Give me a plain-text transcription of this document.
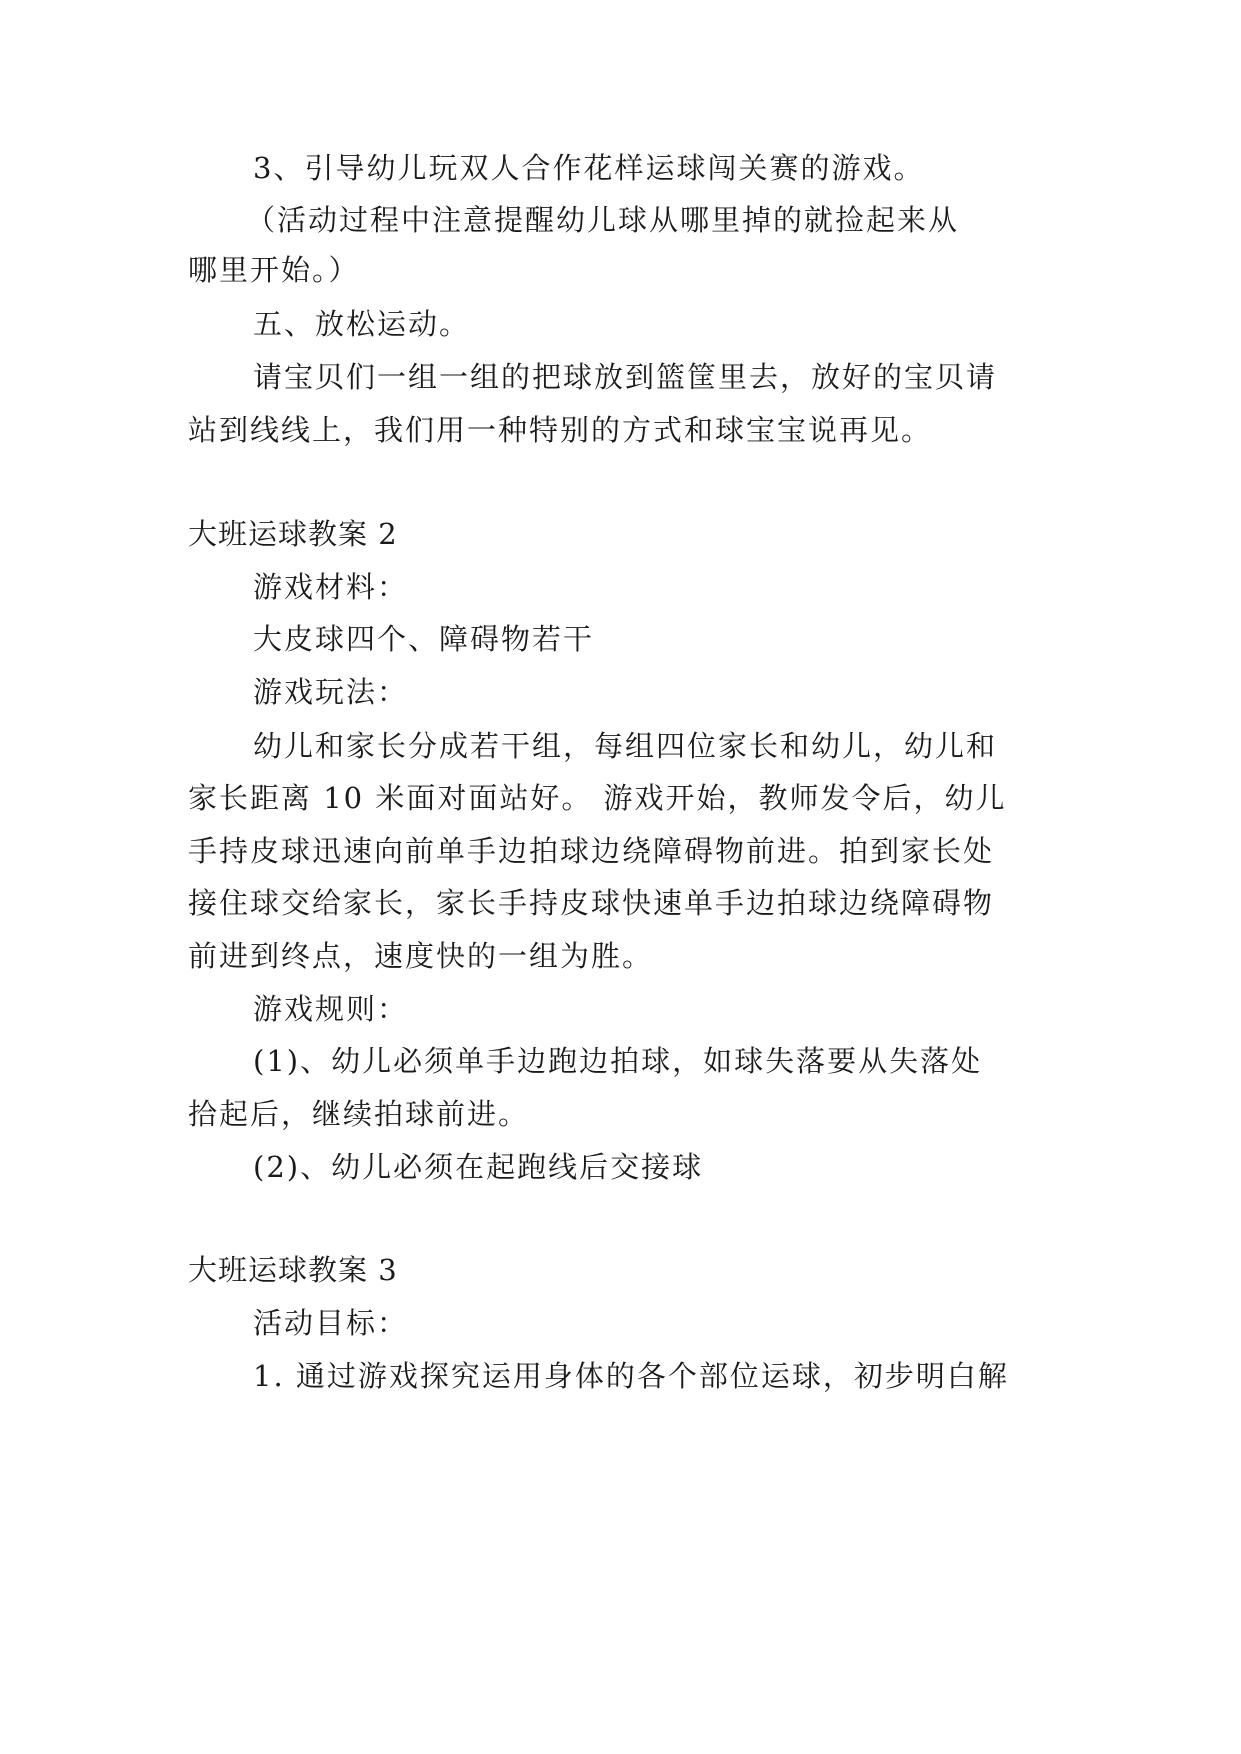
3、引导幼儿玩双人合作花样运球闯关赛的游戏。
（活动过程中注意提醒幼儿球从哪里掉的就捡起来从
哪里开始。）
五、放松运动。
请宝贝们一组一组的把球放到篮筐里去，放好的宝贝请
站到线线上，我们用一种特别的方式和球宝宝说再见。
大班运球教案 2
游戏材料：
大皮球四个、障碍物若干
游戏玩法：
幼儿和家长分成若干组，每组四位家长和幼儿，幼儿和
家长距离 10 米面对面站好。 游戏开始，教师发令后，幼儿
手持皮球迅速向前单手边拍球边绕障碍物前进。拍到家长处
接住球交给家长，家长手持皮球快速单手边拍球边绕障碍物
前进到终点，速度快的一组为胜。
游戏规则：
(1)、幼儿必须单手边跑边拍球，如球失落要从失落处
拾起后，继续拍球前进。
(2)、幼儿必须在起跑线后交接球
大班运球教案 3
活动目标：
1. 通过游戏探究运用身体的各个部位运球，初步明白解
